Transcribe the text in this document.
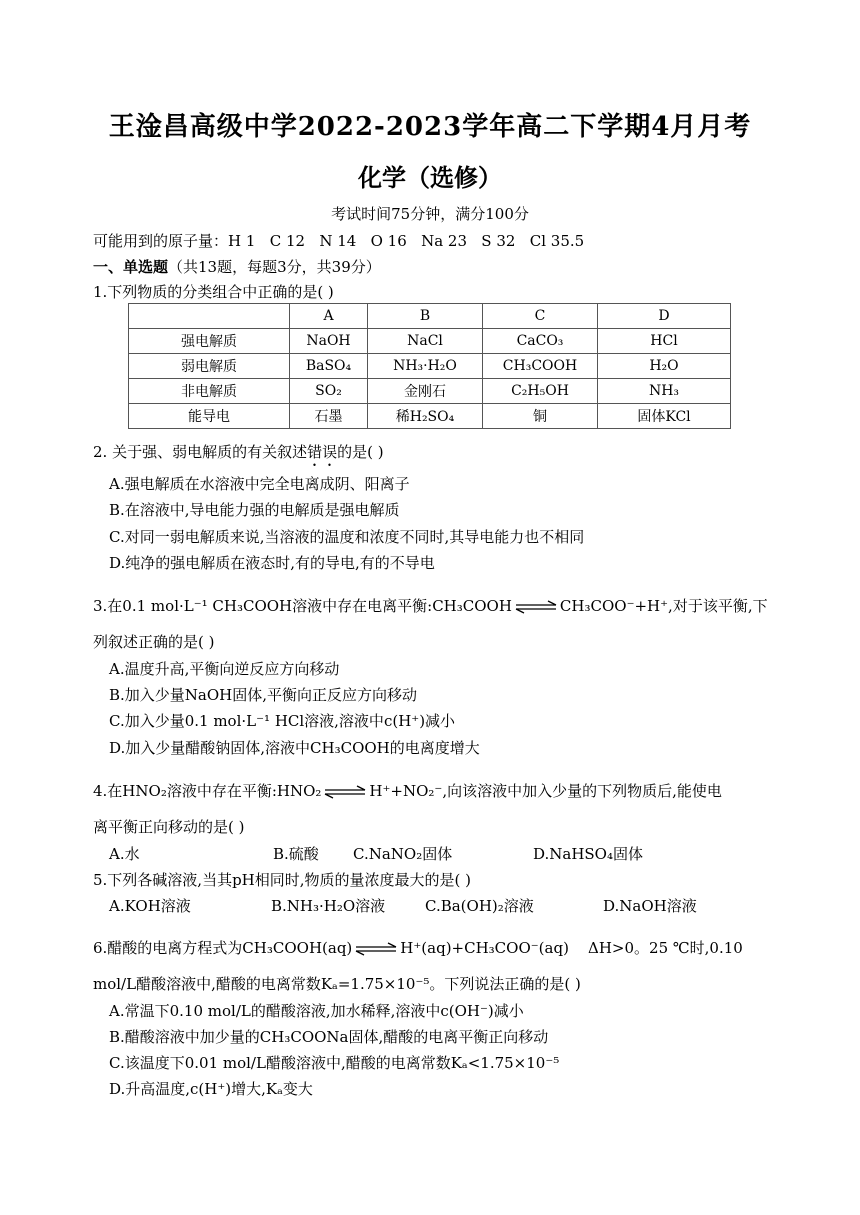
王淦昌高级中学2022-2023学年高二下学期4月月考
化学（选修）
考试时间75分钟，满分100分
可能用到的原子量：H 1   C 12   N 14   O 16   Na 23   S 32   Cl 35.5
一、单选题（共13题，每题3分，共39分）
1.下列物质的分类组合中正确的是( )
	A	B	C	D
强电解质	NaOH	NaCl	CaCO₃	HCl
弱电解质	BaSO₄	NH₃·H₂O	CH₃COOH	H₂O
非电解质	SO₂	金刚石	C₂H₅OH	NH₃
能导电	石墨	稀H₂SO₄	铜	固体KCl
2. 关于强、弱电解质的有关叙述错误的是( )
A.强电解质在水溶液中完全电离成阴、阳离子
B.在溶液中,导电能力强的电解质是强电解质
C.对同一弱电解质来说,当溶液的温度和浓度不同时,其导电能力也不相同
D.纯净的强电解质在液态时,有的导电,有的不导电
3.在0.1 mol·L⁻¹ CH₃COOH溶液中存在电离平衡:CH₃COOH ⇌ CH₃COO⁻+H⁺,对于该平衡,下
列叙述正确的是( )
A.温度升高,平衡向逆反应方向移动
B.加入少量NaOH固体,平衡向正反应方向移动
C.加入少量0.1 mol·L⁻¹ HCl溶液,溶液中c(H⁺)减小
D.加入少量醋酸钠固体,溶液中CH₃COOH的电离度增大
4.在HNO₂溶液中存在平衡:HNO₂ ⇌ H⁺+NO₂⁻,向该溶液中加入少量的下列物质后,能使电
离平衡正向移动的是( )
A.水	B.硫酸 C.NaNO₂固体	D.NaHSO₄固体
5.下列各碱溶液,当其pH相同时,物质的量浓度最大的是( )
A.KOH溶液	B.NH₃·H₂O溶液	C.Ba(OH)₂溶液	D.NaOH溶液
6.醋酸的电离方程式为CH₃COOH(aq) ⇌ H⁺(aq)+CH₃COO⁻(aq)    ΔH>0。25 ℃时,0.10
mol/L醋酸溶液中,醋酸的电离常数Kₐ=1.75×10⁻⁵。下列说法正确的是( )
A.常温下0.10 mol/L的醋酸溶液,加水稀释,溶液中c(OH⁻)减小
B.醋酸溶液中加少量的CH₃COONa固体,醋酸的电离平衡正向移动
C.该温度下0.01 mol/L醋酸溶液中,醋酸的电离常数Kₐ<1.75×10⁻⁵
D.升高温度,c(H⁺)增大,Kₐ变大
